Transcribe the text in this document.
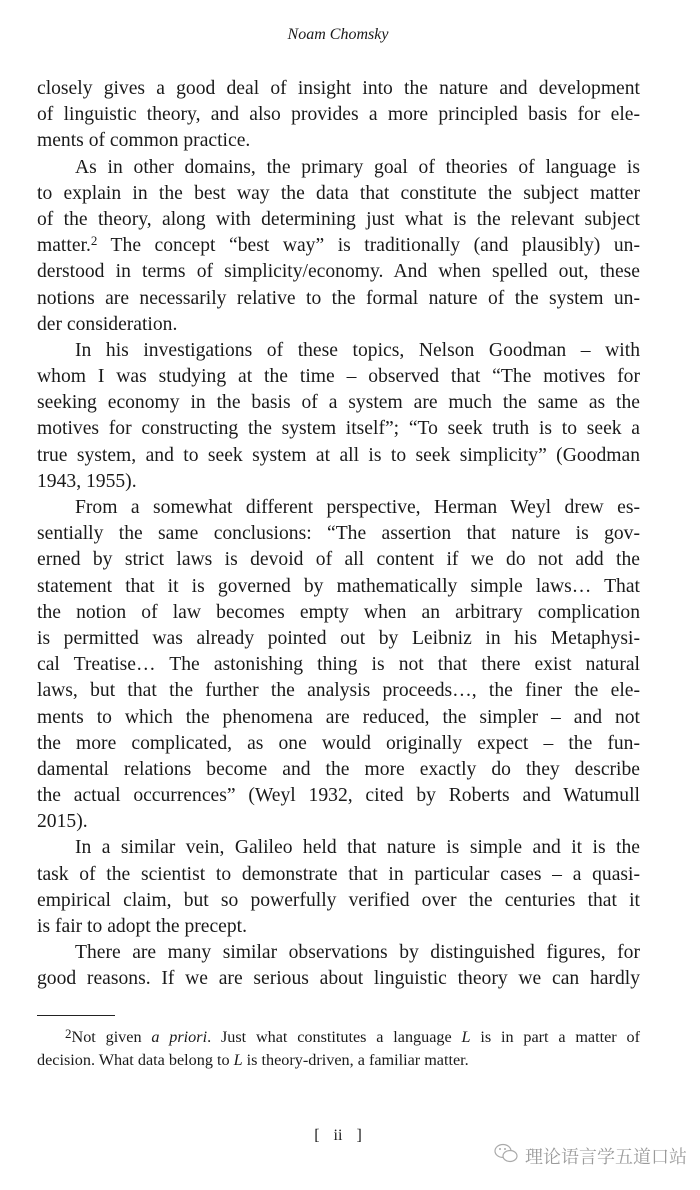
Noam Chomsky
closely gives a good deal of insight into the nature and development
of linguistic theory, and also provides a more principled basis for ele-
ments of common practice.
As in other domains, the primary goal of theories of language is
to explain in the best way the data that constitute the subject matter
of the theory, along with determining just what is the relevant subject
matter.$^2$ The concept “best way” is traditionally (and plausibly) un-
derstood in terms of simplicity/economy. And when spelled out, these
notions are necessarily relative to the formal nature of the system un-
der consideration.
In his investigations of these topics, Nelson Goodman – with
whom I was studying at the time – observed that “The motives for
seeking economy in the basis of a system are much the same as the
motives for constructing the system itself”; “To seek truth is to seek a
true system, and to seek system at all is to seek simplicity” (Goodman
1943, 1955).
From a somewhat different perspective, Herman Weyl drew es-
sentially the same conclusions: “The assertion that nature is gov-
erned by strict laws is devoid of all content if we do not add the
statement that it is governed by mathematically simple laws… That
the notion of law becomes empty when an arbitrary complication
is permitted was already pointed out by Leibniz in his Metaphysi-
cal Treatise… The astonishing thing is not that there exist natural
laws, but that the further the analysis proceeds…, the finer the ele-
ments to which the phenomena are reduced, the simpler – and not
the more complicated, as one would originally expect – the fun-
damental relations become and the more exactly do they describe
the actual occurrences” (Weyl 1932, cited by Roberts and Watumull
2015).
In a similar vein, Galileo held that nature is simple and it is the
task of the scientist to demonstrate that in particular cases – a quasi-
empirical claim, but so powerfully verified over the centuries that it
is fair to adopt the precept.
There are many similar observations by distinguished figures, for
good reasons. If we are serious about linguistic theory we can hardly
$^2$Not given a priori. Just what constitutes a language L is in part a matter of
decision. What data belong to L is theory-driven, a familiar matter.
[ ii ]
理论语言学五道口站
